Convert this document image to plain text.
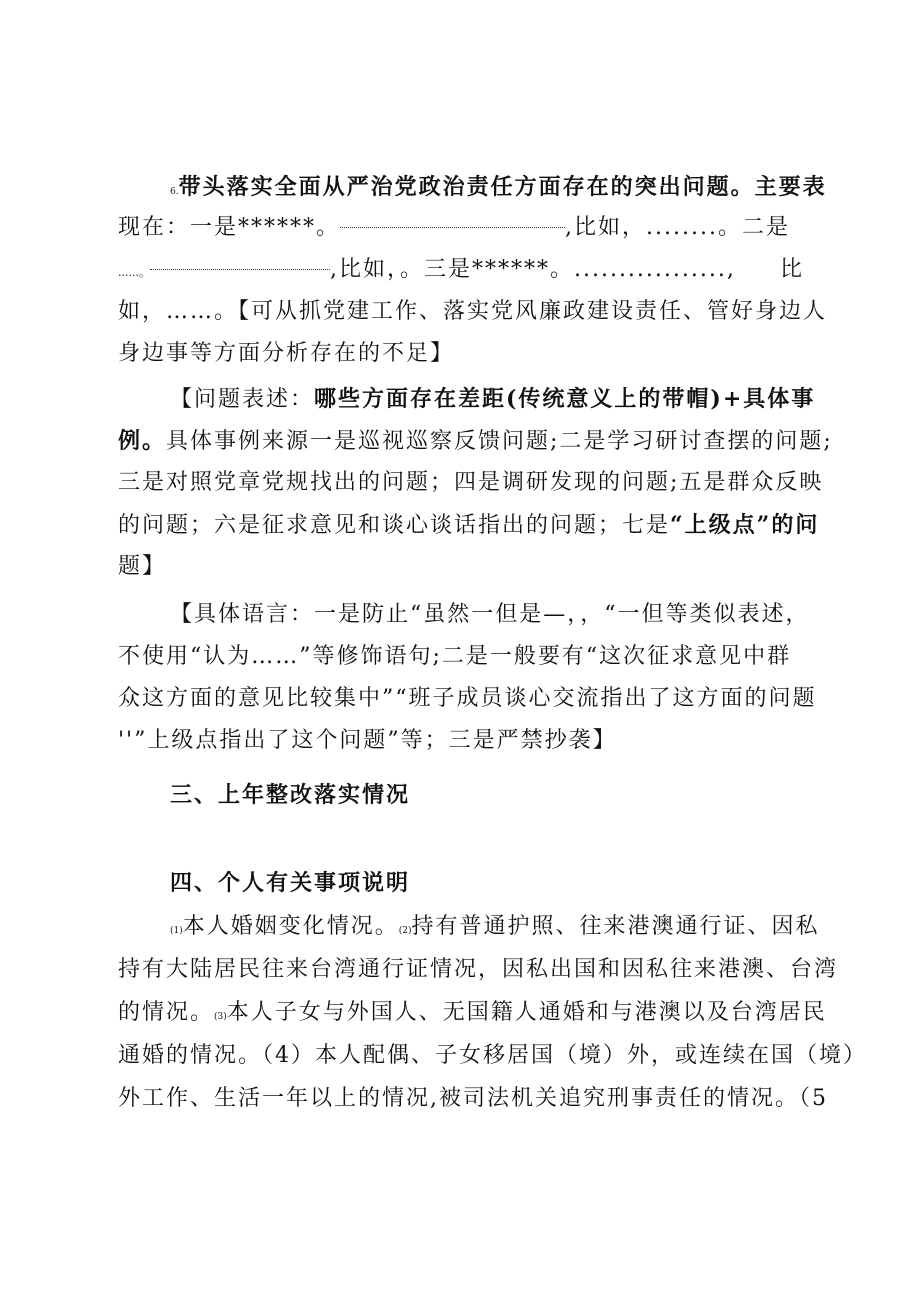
6.带头落实全面从严治党政治责任方面存在的突出问题。主要表
现在：一是******。	,比如，........。二是
......。	,比如，。三是******。................., 比
如，……。【可从抓党建工作、落实党风廉政建设责任、管好身边人
身边事等方面分析存在的不足】
【问题表述：哪些方面存在差距(传统意义上的带帽)+具体事
例。具体事例来源一是巡视巡察反馈问题;二是学习研讨查摆的问题;
三是对照党章党规找出的问题；四是调研发现的问题;五是群众反映
的问题；六是征求意见和谈心谈话指出的问题；七是“上级点”的问
题】
【具体语言：一是防止“虽然一但是—，，“一但等类似表述，
不使用“认为……”等修饰语句;二是一般要有“这次征求意见中群
众这方面的意见比较集中”“班子成员谈心交流指出了这方面的问题
''”上级点指出了这个问题”等；三是严禁抄袭】
三、上年整改落实情况
四、个人有关事项说明
(1)本人婚姻变化情况。(2)持有普通护照、往来港澳通行证、因私
持有大陆居民往来台湾通行证情况，因私出国和因私往来港澳、台湾
的情况。(3)本人子女与外国人、无国籍人通婚和与港澳以及台湾居民
通婚的情况。（4）本人配偶、子女移居国（境）外，或连续在国（境）
外工作、生活一年以上的情况,被司法机关追究刑事责任的情况。（5
